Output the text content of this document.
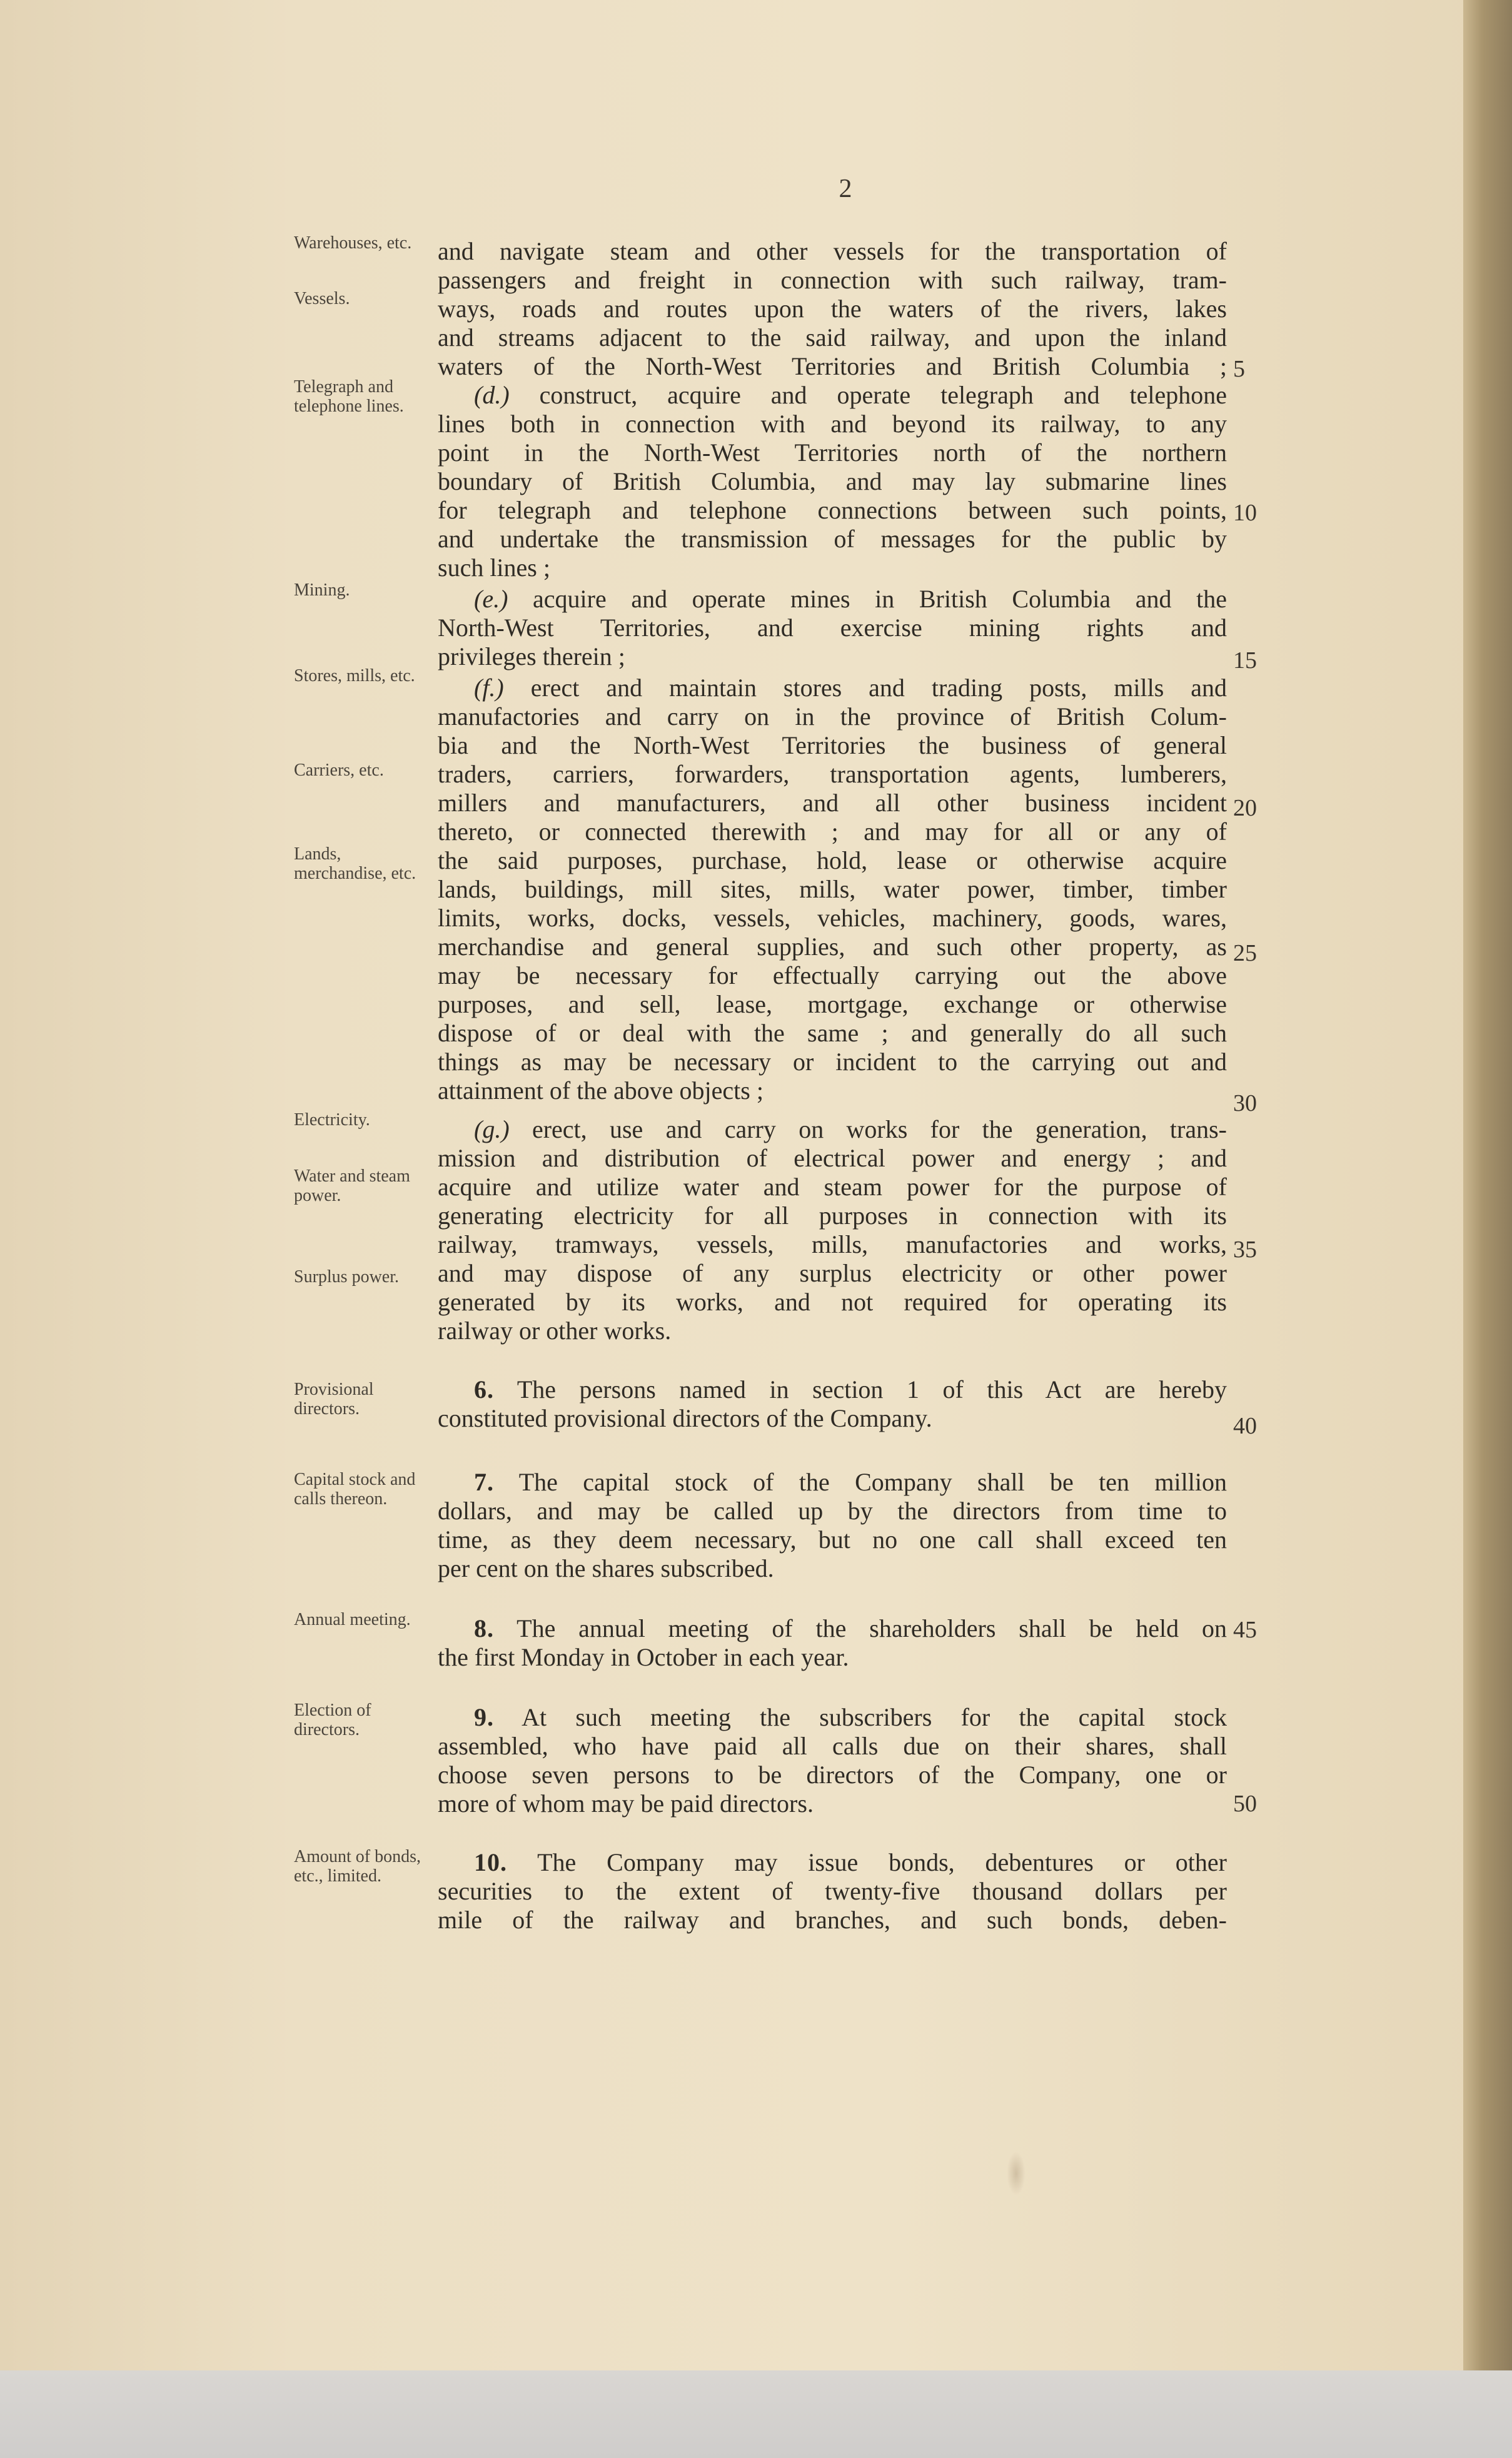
2
Warehouses, etc.
Vessels.
Telegraph and telephone lines.
Mining.
Stores, mills, etc.
Carriers, etc.
Lands, merchandise, etc.
Electricity.
Water and steam power.
Surplus power.
Provisional directors.
Capital stock and calls thereon.
Annual meeting.
Election of directors.
Amount of bonds, etc., limited.
and navigate steam and other vessels for the transportation of
passengers and freight in connection with such railway, tram-
ways, roads and routes upon the waters of the rivers, lakes
and streams adjacent to the said railway, and upon the inland
waters of the North-West Territories and British Columbia ;
(d.) construct, acquire and operate telegraph and telephone
lines both in connection with and beyond its railway, to any
point in the North-West Territories north of the northern
boundary of British Columbia, and may lay submarine lines
for telegraph and telephone connections between such points,
and undertake the transmission of messages for the public by
such lines ;
(e.) acquire and operate mines in British Columbia and the
North-West Territories, and exercise mining rights and
privileges therein ;
(f.) erect and maintain stores and trading posts, mills and
manufactories and carry on in the province of British Colum-
bia and the North-West Territories the business of general
traders, carriers, forwarders, transportation agents, lumberers,
millers and manufacturers, and all other business incident
thereto, or connected therewith ; and may for all or any of
the said purposes, purchase, hold, lease or otherwise acquire
lands, buildings, mill sites, mills, water power, timber, timber
limits, works, docks, vessels, vehicles, machinery, goods, wares,
merchandise and general supplies, and such other property, as
may be necessary for effectually carrying out the above
purposes, and sell, lease, mortgage, exchange or otherwise
dispose of or deal with the same ; and generally do all such
things as may be necessary or incident to the carrying out and
attainment of the above objects ;
(g.) erect, use and carry on works for the generation, trans-
mission and distribution of electrical power and energy ; and
acquire and utilize water and steam power for the purpose of
generating electricity for all purposes in connection with its
railway, tramways, vessels, mills, manufactories and works,
and may dispose of any surplus electricity or other power
generated by its works, and not required for operating its
railway or other works.
6. The persons named in section 1 of this Act are hereby
constituted provisional directors of the Company.
7. The capital stock of the Company shall be ten million
dollars, and may be called up by the directors from time to
time, as they deem necessary, but no one call shall exceed ten
per cent on the shares subscribed.
8. The annual meeting of the shareholders shall be held on
the first Monday in October in each year.
9. At such meeting the subscribers for the capital stock
assembled, who have paid all calls due on their shares, shall
choose seven persons to be directors of the Company, one or
more of whom may be paid directors.
10. The Company may issue bonds, debentures or other
securities to the extent of twenty-five thousand dollars per
mile of the railway and branches, and such bonds, deben-
5
10
15
20
25
30
35
40
45
50
